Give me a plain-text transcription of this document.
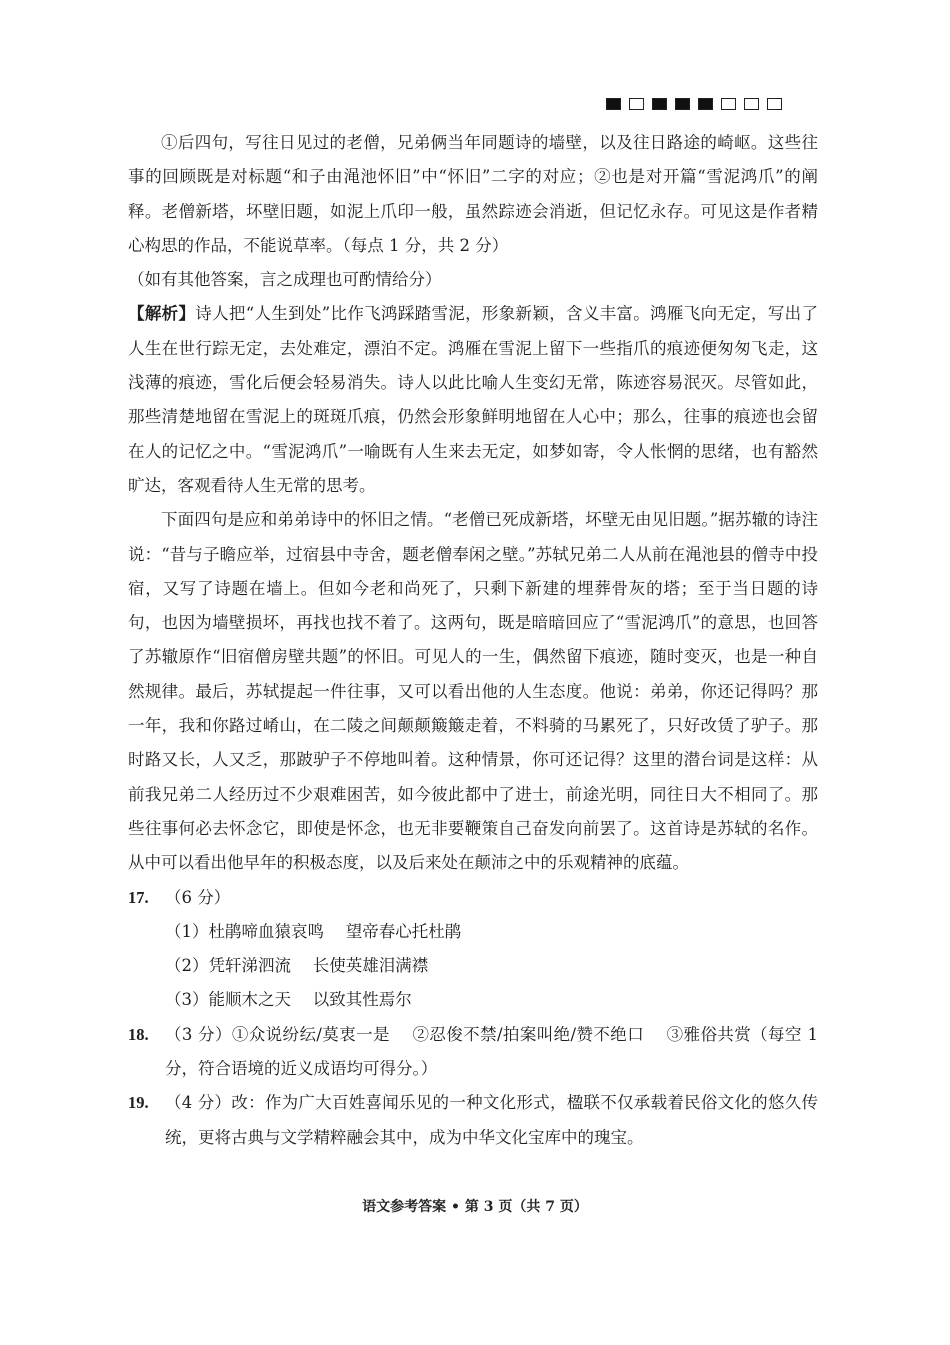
①后四句，写往日见过的老僧，兄弟俩当年同题诗的墙壁，以及往日路途的崎岖。这些往事的回顾既是对标题“和子由渑池怀旧”中“怀旧”二字的对应；②也是对开篇“雪泥鸿爪”的阐释。老僧新塔，坏壁旧题，如泥上爪印一般，虽然踪迹会消逝，但记忆永存。可见这是作者精心构思的作品，不能说草率。（每点 1 分，共 2 分）

（如有其他答案，言之成理也可酌情给分）

【解析】诗人把“人生到处”比作飞鸿踩踏雪泥，形象新颖，含义丰富。鸿雁飞向无定，写出了人生在世行踪无定，去处难定，漂泊不定。鸿雁在雪泥上留下一些指爪的痕迹便匆匆飞走，这浅薄的痕迹，雪化后便会轻易消失。诗人以此比喻人生变幻无常，陈迹容易泯灭。尽管如此，那些清楚地留在雪泥上的斑斑爪痕，仍然会形象鲜明地留在人心中；那么，往事的痕迹也会留在人的记忆之中。“雪泥鸿爪”一喻既有人生来去无定，如梦如寄，令人怅惘的思绪，也有豁然旷达，客观看待人生无常的思考。

下面四句是应和弟弟诗中的怀旧之情。“老僧已死成新塔，坏壁无由见旧题。”据苏辙的诗注说：“昔与子瞻应举，过宿县中寺舍，题老僧奉闲之壁。”苏轼兄弟二人从前在渑池县的僧寺中投宿，又写了诗题在墙上。但如今老和尚死了，只剩下新建的埋葬骨灰的塔；至于当日题的诗句，也因为墙壁损坏，再找也找不着了。这两句，既是暗暗回应了“雪泥鸿爪”的意思，也回答了苏辙原作“旧宿僧房壁共题”的怀旧。可见人的一生，偶然留下痕迹，随时变灭，也是一种自然规律。最后，苏轼提起一件往事，又可以看出他的人生态度。他说：弟弟，你还记得吗？那一年，我和你路过崤山，在二陵之间颠颠簸簸走着，不料骑的马累死了，只好改赁了驴子。那时路又长，人又乏，那跛驴子不停地叫着。这种情景，你可还记得？这里的潜台词是这样：从前我兄弟二人经历过不少艰难困苦，如今彼此都中了进士，前途光明，同往日大不相同了。那些往事何必去怀念它，即使是怀念，也无非要鞭策自己奋发向前罢了。这首诗是苏轼的名作。从中可以看出他早年的积极态度，以及后来处在颠沛之中的乐观精神的底蕴。

17. （6 分）

（1）杜鹃啼血猿哀鸣　 望帝春心托杜鹃

（2）凭轩涕泗流　 长使英雄泪满襟

（3）能顺木之天　 以致其性焉尔

18. （3 分）①众说纷纭/莫衷一是　 ②忍俊不禁/拍案叫绝/赞不绝口　 ③雅俗共赏（每空 1 分，符合语境的近义成语均可得分。）
19. （4 分）改：作为广大百姓喜闻乐见的一种文化形式，楹联不仅承载着民俗文化的悠久传统，更将古典与文学精粹融会其中，成为中华文化宝库中的瑰宝。
语文参考答案 • 第 3 页（共 7 页）
